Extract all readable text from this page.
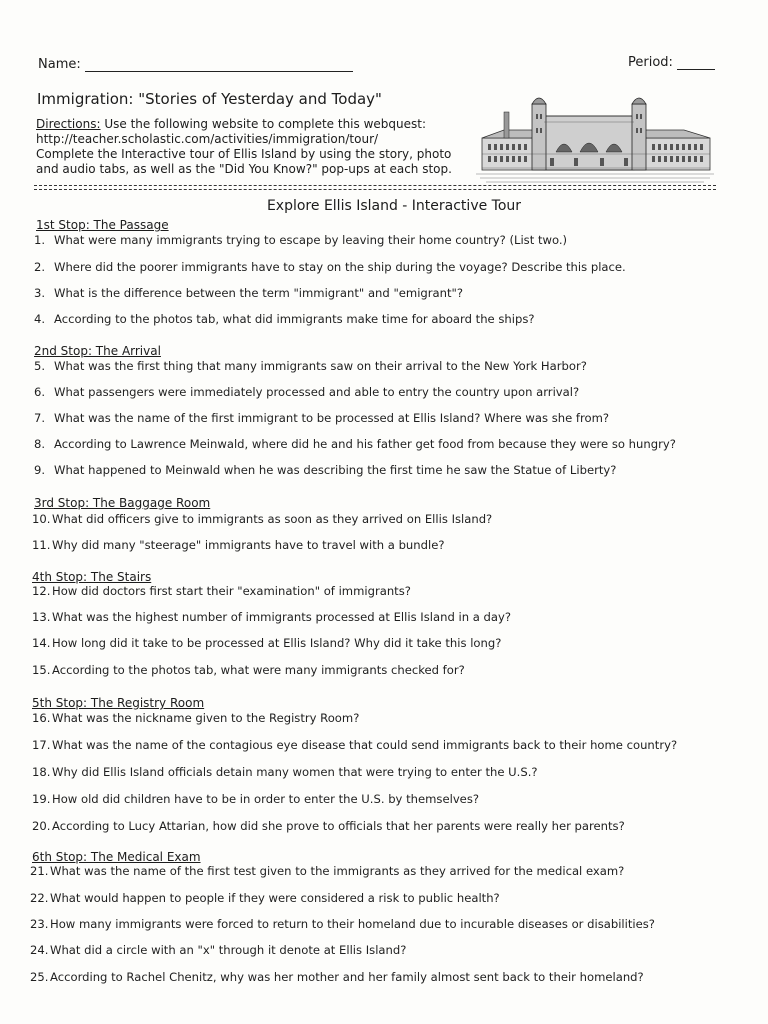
Name:	Period:
Immigration: "Stories of Yesterday and Today"
Directions: Use the following website to complete this webquest:
http://teacher.scholastic.com/activities/immigration/tour/
Complete the Interactive tour of Ellis Island by using the story, photo
and audio tabs, as well as the "Did You Know?" pop-ups at each stop.
Explore Ellis Island - Interactive Tour
1st Stop: The Passage
1. What were many immigrants trying to escape by leaving their home country? (List two.)
2. Where did the poorer immigrants have to stay on the ship during the voyage? Describe this place.
3. What is the difference between the term "immigrant" and "emigrant"?
4. According to the photos tab, what did immigrants make time for aboard the ships?
2nd Stop: The Arrival
5. What was the first thing that many immigrants saw on their arrival to the New York Harbor?
6. What passengers were immediately processed and able to entry the country upon arrival?
7. What was the name of the first immigrant to be processed at Ellis Island? Where was she from?
8. According to Lawrence Meinwald, where did he and his father get food from because they were so hungry?
9. What happened to Meinwald when he was describing the first time he saw the Statue of Liberty?
3rd Stop: The Baggage Room
10. What did officers give to immigrants as soon as they arrived on Ellis Island?
11. Why did many "steerage" immigrants have to travel with a bundle?
4th Stop: The Stairs
12. How did doctors first start their "examination" of immigrants?
13. What was the highest number of immigrants processed at Ellis Island in a day?
14. How long did it take to be processed at Ellis Island? Why did it take this long?
15. According to the photos tab, what were many immigrants checked for?
5th Stop: The Registry Room
16. What was the nickname given to the Registry Room?
17. What was the name of the contagious eye disease that could send immigrants back to their home country?
18. Why did Ellis Island officials detain many women that were trying to enter the U.S.?
19. How old did children have to be in order to enter the U.S. by themselves?
20. According to Lucy Attarian, how did she prove to officials that her parents were really her parents?
6th Stop: The Medical Exam
21. What was the name of the first test given to the immigrants as they arrived for the medical exam?
22. What would happen to people if they were considered a risk to public health?
23. How many immigrants were forced to return to their homeland due to incurable diseases or disabilities?
24. What did a circle with an "x" through it denote at Ellis Island?
25. According to Rachel Chenitz, why was her mother and her family almost sent back to their homeland?
